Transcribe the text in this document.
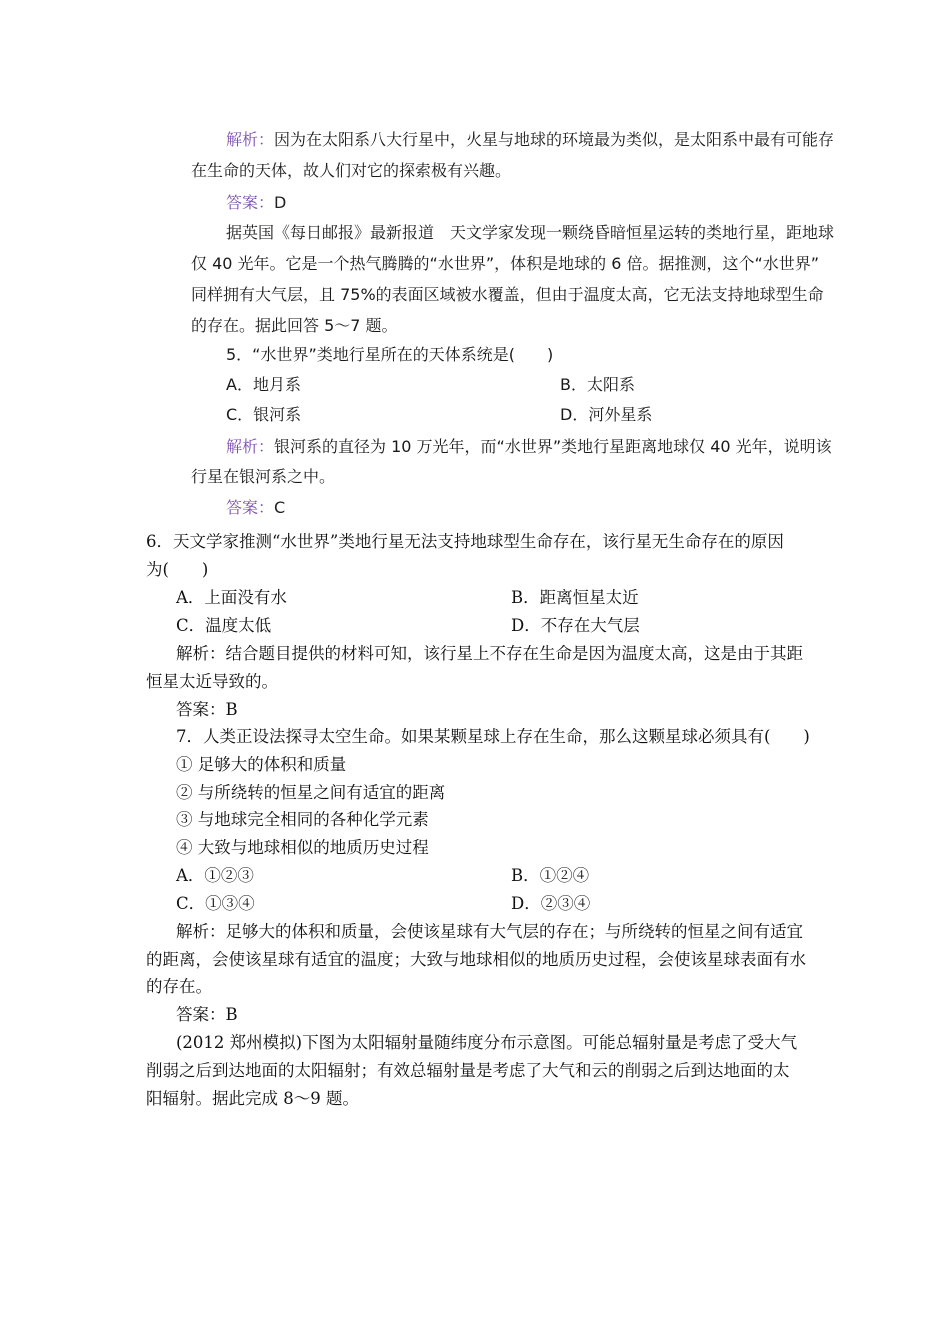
解析：因为在太阳系八大行星中，火星与地球的环境最为类似，是太阳系中最有可能存
在生命的天体，故人们对它的探索极有兴趣。
答案：D
据英国《每日邮报》最新报道　天文学家发现一颗绕昏暗恒星运转的类地行星，距地球
仅 40 光年。它是一个热气腾腾的“水世界”，体积是地球的 6 倍。据推测，这个“水世界”
同样拥有大气层，且 75%的表面区域被水覆盖，但由于温度太高，它无法支持地球型生命
的存在。据此回答 5～7 题。
5．“水世界”类地行星所在的天体系统是(　　)
A．地月系	B．太阳系
C．银河系	D．河外星系
解析：银河系的直径为 10 万光年，而“水世界”类地行星距离地球仅 40 光年，说明该
行星在银河系之中。
答案：C
6．天文学家推测“水世界”类地行星无法支持地球型生命存在，该行星无生命存在的原因
为(　　)
A．上面没有水	B．距离恒星太近
C．温度太低	D．不存在大气层
解析：结合题目提供的材料可知，该行星上不存在生命是因为温度太高，这是由于其距
恒星太近导致的。
答案：B
7．人类正设法探寻太空生命。如果某颗星球上存在生命，那么这颗星球必须具有(　　)
① 足够大的体积和质量
② 与所绕转的恒星之间有适宜的距离
③ 与地球完全相同的各种化学元素
④ 大致与地球相似的地质历史过程
A．①②③	B．①②④
C．①③④	D．②③④
解析：足够大的体积和质量，会使该星球有大气层的存在；与所绕转的恒星之间有适宜
的距离，会使该星球有适宜的温度；大致与地球相似的地质历史过程，会使该星球表面有水
的存在。
答案：B
(2012 郑州模拟)下图为太阳辐射量随纬度分布示意图。可能总辐射量是考虑了受大气
削弱之后到达地面的太阳辐射；有效总辐射量是考虑了大气和云的削弱之后到达地面的太
阳辐射。据此完成 8～9 题。
